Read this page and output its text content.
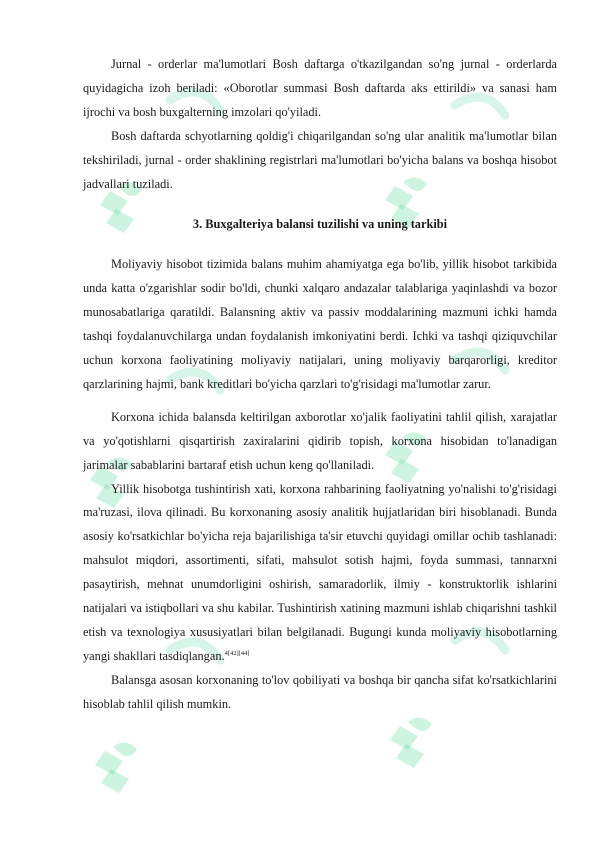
Jurnal - orderlar ma'lumotlari Bosh daftarga o'tkazilgandan so'ng jurnal - orderlarda quyidagicha izoh beriladi: «Oborotlar summasi Bosh daftarda aks ettirildi» va sanasi ham ijrochi va bosh buxgalterning imzolari qo'yiladi.

Bosh daftarda schyotlarning qoldig'i chiqarilgandan so'ng ular analitik ma'lumotlar bilan tekshiriladi, jurnal - order shaklining registrlari ma'lumotlari bo'yicha balans va boshqa hisobot jadvallari tuziladi.

3. Buxgalteriya balansi tuzilishi va uning tarkibi

Moliyaviy hisobot tizimida balans muhim ahamiyatga ega bo'lib, yillik hisobot tarkibida unda katta o'zgarishlar sodir bo'ldi, chunki xalqaro andazalar talablariga yaqinlashdi va bozor munosabatlariga qaratildi. Balansning aktiv va passiv moddalarining mazmuni ichki hamda tashqi foydalanuvchilarga undan foydalanish imkoniyatini berdi. Ichki va tashqi qiziquvchilar uchun korxona faoliyatining moliyaviy natijalari, uning moliyaviy barqarorligi, kreditor qarzlarining hajmi, bank kreditlari bo'yicha qarzlari to'g'risidagi ma'lumotlar zarur.

Korxona ichida balansda keltirilgan axborotlar xo'jalik faoliyatini tahlil qilish, xarajatlar va yo'qotishlarni qisqartirish zaxiralarini qidirib topish, korxona hisobidan to'lanadigan jarimalar sabablarini bartaraf etish uchun keng qo'llaniladi.

Yillik hisobotga tushintirish xati, korxona rahbarining faoliyatning yo'nalishi to'g'risidagi ma'ruzasi, ilova qilinadi. Bu korxonaning asosiy analitik hujjatlaridan biri hisoblanadi. Bunda asosiy ko'rsatkichlar bo'yicha reja bajarilishiga ta'sir etuvchi quyidagi omillar ochib tashlanadi: mahsulot miqdori, assortimenti, sifati, mahsulot sotish hajmi, foyda summasi, tannarxni pasaytirish, mehnat unumdorligini oshirish, samaradorlik, ilmiy - konstruktorlik ishlarini natijalari va istiqbollari va shu kabilar. Tushintirish xatining mazmuni ishlab chiqarishni tashkil etish va texnologiya xususiyatlari bilan belgilanadi. Bugungi kunda moliyaviy hisobotlarning yangi shakllari tasdiqlangan.$^{4[42][44]}$

Balansga asosan korxonaning to'lov qobiliyati va boshqa bir qancha sifat ko'rsatkichlarini hisoblab tahlil qilish mumkin.
